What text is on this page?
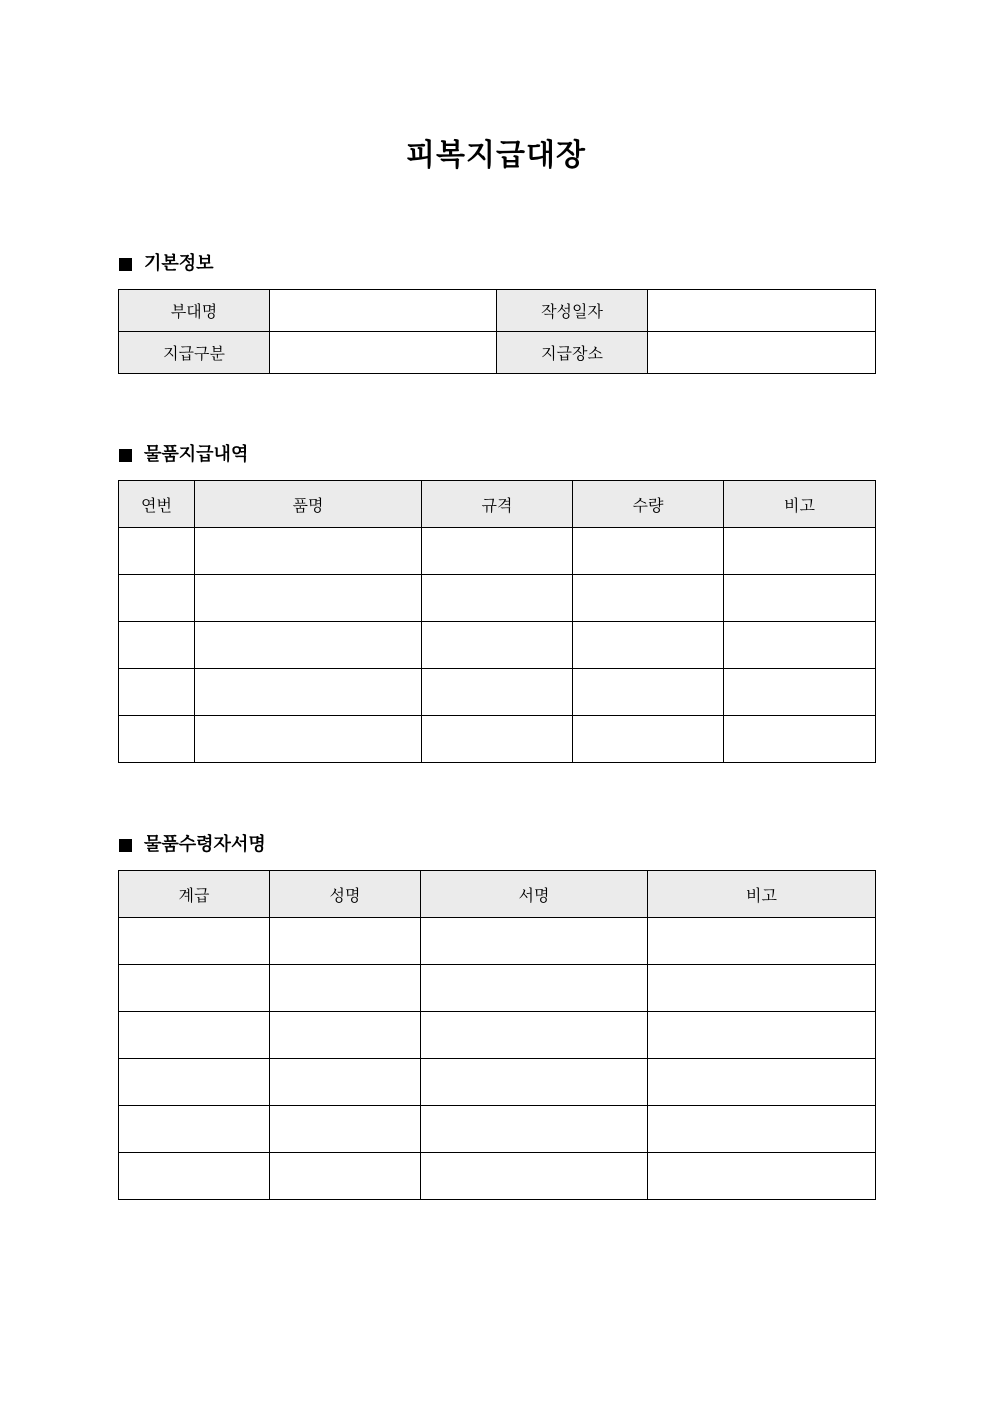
피복지급대장
기본정보
부대명		작성일자	
지급구분		지급장소	
물품지급내역
연번	품명	규격	수량	비고

물품수령자서명
계급	성명	서명	비고
